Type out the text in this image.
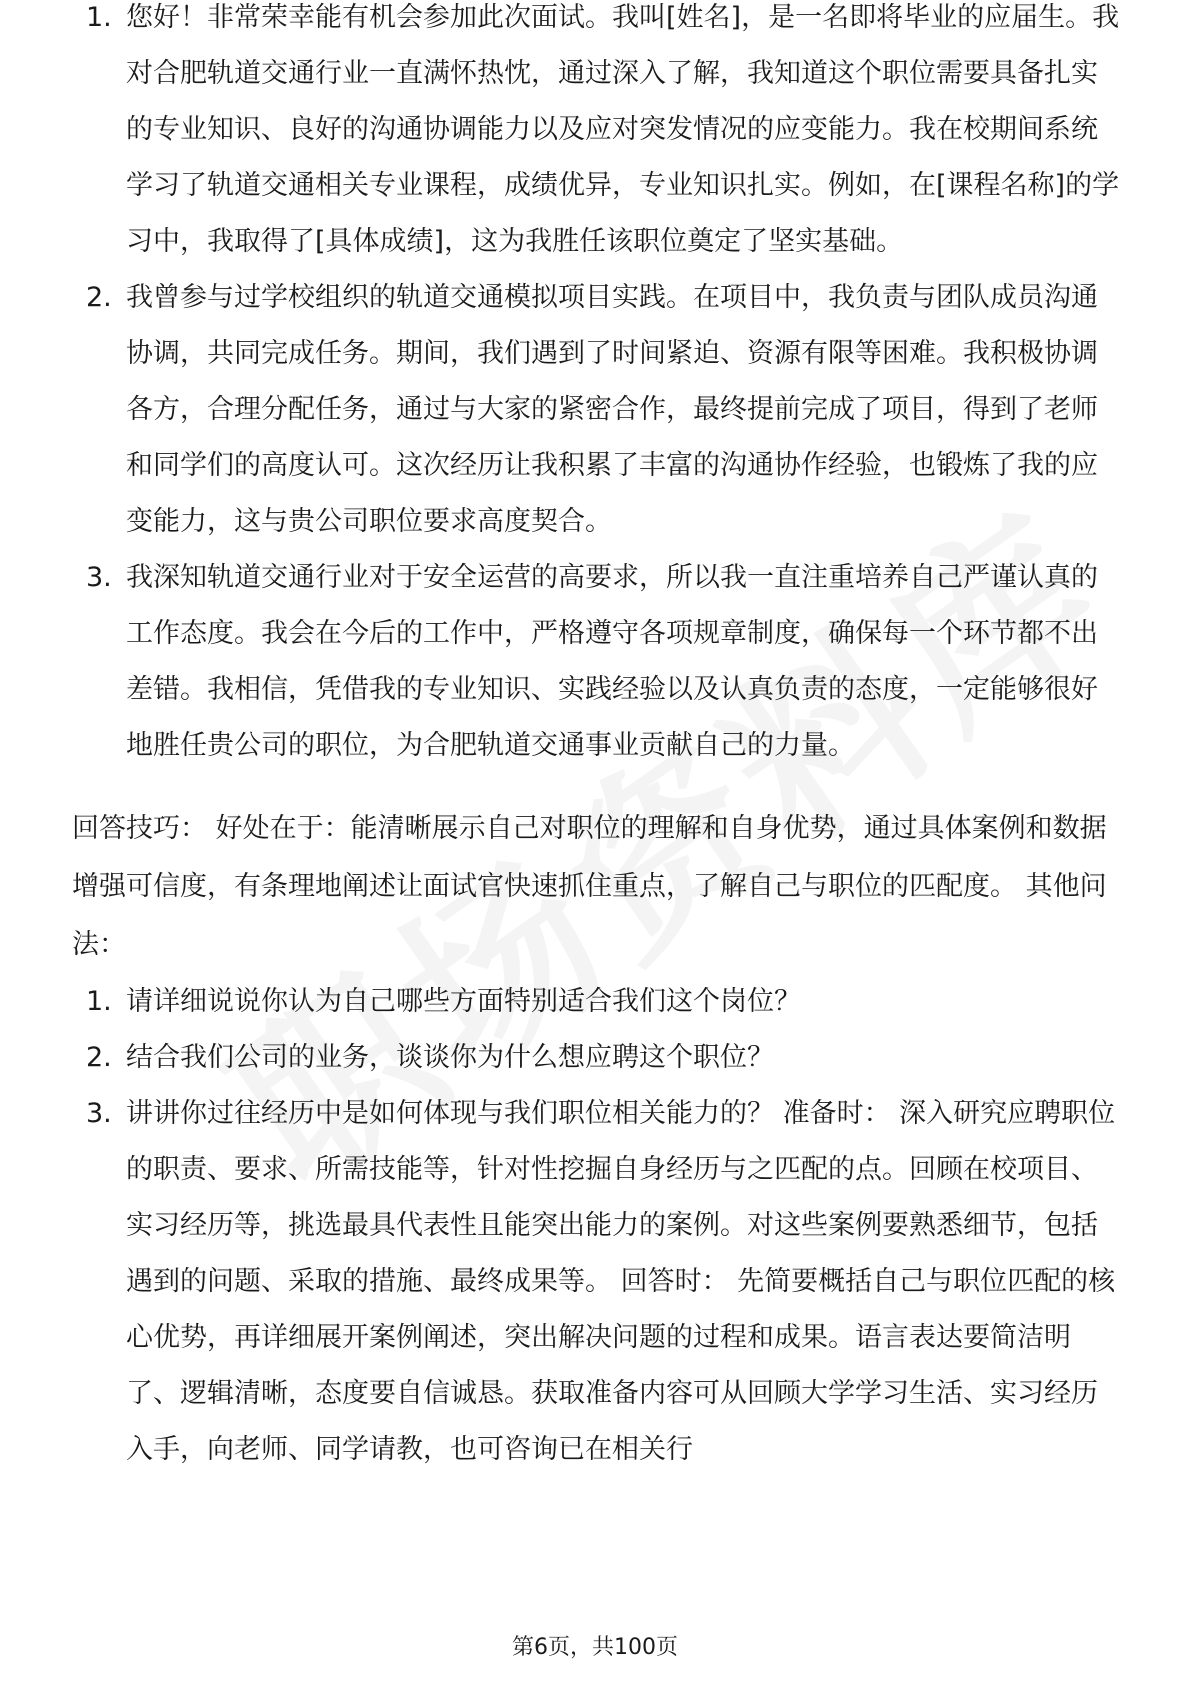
1. 您好！非常荣幸能有机会参加此次面试。我叫[姓名]，是一名即将毕业的应届生。我对合肥轨道交通行业一直满怀热忱，通过深入了解，我知道这个职位需要具备扎实的专业知识、良好的沟通协调能力以及应对突发情况的应变能力。我在校期间系统学习了轨道交通相关专业课程，成绩优异，专业知识扎实。例如，在[课程名称]的学习中，我取得了[具体成绩]，这为我胜任该职位奠定了坚实基础。
2. 我曾参与过学校组织的轨道交通模拟项目实践。在项目中，我负责与团队成员沟通协调，共同完成任务。期间，我们遇到了时间紧迫、资源有限等困难。我积极协调各方，合理分配任务，通过与大家的紧密合作，最终提前完成了项目，得到了老师和同学们的高度认可。这次经历让我积累了丰富的沟通协作经验，也锻炼了我的应变能力，这与贵公司职位要求高度契合。
3. 我深知轨道交通行业对于安全运营的高要求，所以我一直注重培养自己严谨认真的工作态度。我会在今后的工作中，严格遵守各项规章制度，确保每一个环节都不出差错。我相信，凭借我的专业知识、实践经验以及认真负责的态度，一定能够很好地胜任贵公司的职位，为合肥轨道交通事业贡献自己的力量。

回答技巧： 好处在于：能清晰展示自己对职位的理解和自身优势，通过具体案例和数据增强可信度，有条理地阐述让面试官快速抓住重点，了解自己与职位的匹配度。 其他问法：

1. 请详细说说你认为自己哪些方面特别适合我们这个岗位？
2. 结合我们公司的业务，谈谈你为什么想应聘这个职位？
3. 讲讲你过往经历中是如何体现与我们职位相关能力的？ 准备时： 深入研究应聘职位的职责、要求、所需技能等，针对性挖掘自身经历与之匹配的点。回顾在校项目、实习经历等，挑选最具代表性且能突出能力的案例。对这些案例要熟悉细节，包括遇到的问题、采取的措施、最终成果等。 回答时： 先简要概括自己与职位匹配的核心优势，再详细展开案例阐述，突出解决问题的过程和成果。语言表达要简洁明了、逻辑清晰，态度要自信诚恳。获取准备内容可从回顾大学学习生活、实习经历入手，向老师、同学请教，也可咨询已在相关行
第6页，共100页
